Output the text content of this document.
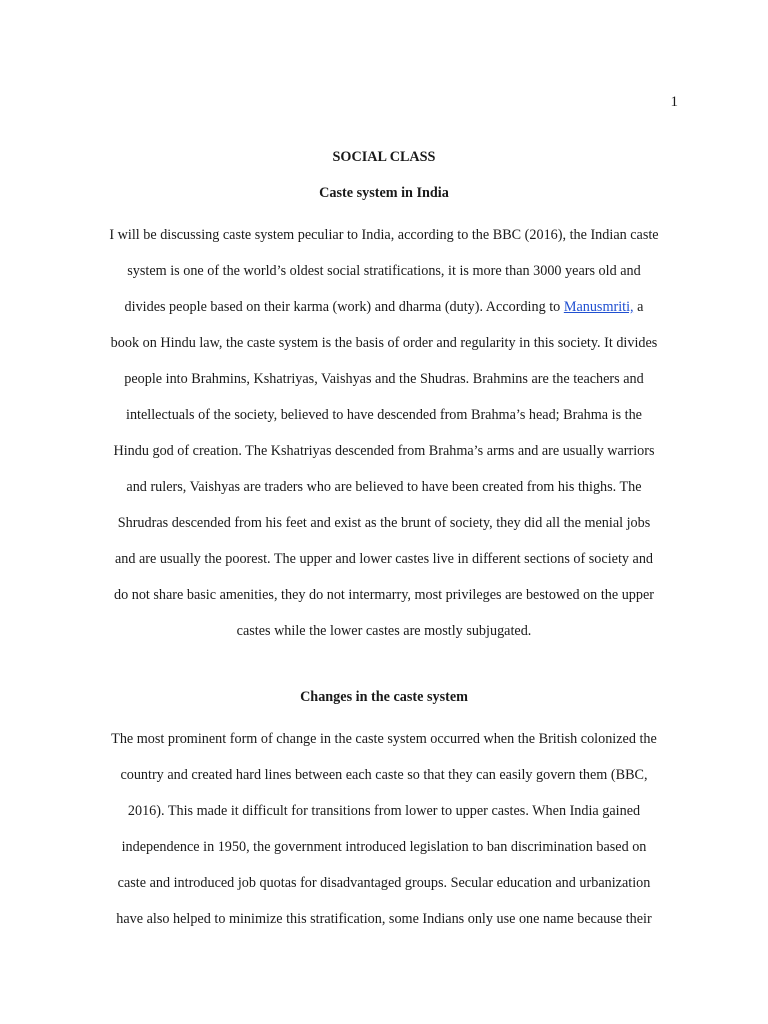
1
SOCIAL CLASS
Caste system in India
I will be discussing caste system peculiar to India, according to the BBC (2016), the Indian caste
system is one of the world’s oldest social stratifications, it is more than 3000 years old and
divides people based on their karma (work) and dharma (duty). According to Manusmriti, a
book on Hindu law, the caste system is the basis of order and regularity in this society. It divides
people into Brahmins, Kshatriyas, Vaishyas and the Shudras. Brahmins are the teachers and
intellectuals of the society, believed to have descended from Brahma’s head; Brahma is the
Hindu god of creation. The Kshatriyas descended from Brahma’s arms and are usually warriors
and rulers, Vaishyas are traders who are believed to have been created from his thighs. The
Shrudras descended from his feet and exist as the brunt of society, they did all the menial jobs
and are usually the poorest. The upper and lower castes live in different sections of society and
do not share basic amenities, they do not intermarry, most privileges are bestowed on the upper
castes while the lower castes are mostly subjugated.
Changes in the caste system
The most prominent form of change in the caste system occurred when the British colonized the
country and created hard lines between each caste so that they can easily govern them (BBC,
2016). This made it difficult for transitions from lower to upper castes. When India gained
independence in 1950, the government introduced legislation to ban discrimination based on
caste and introduced job quotas for disadvantaged groups. Secular education and urbanization
have also helped to minimize this stratification, some Indians only use one name because their
